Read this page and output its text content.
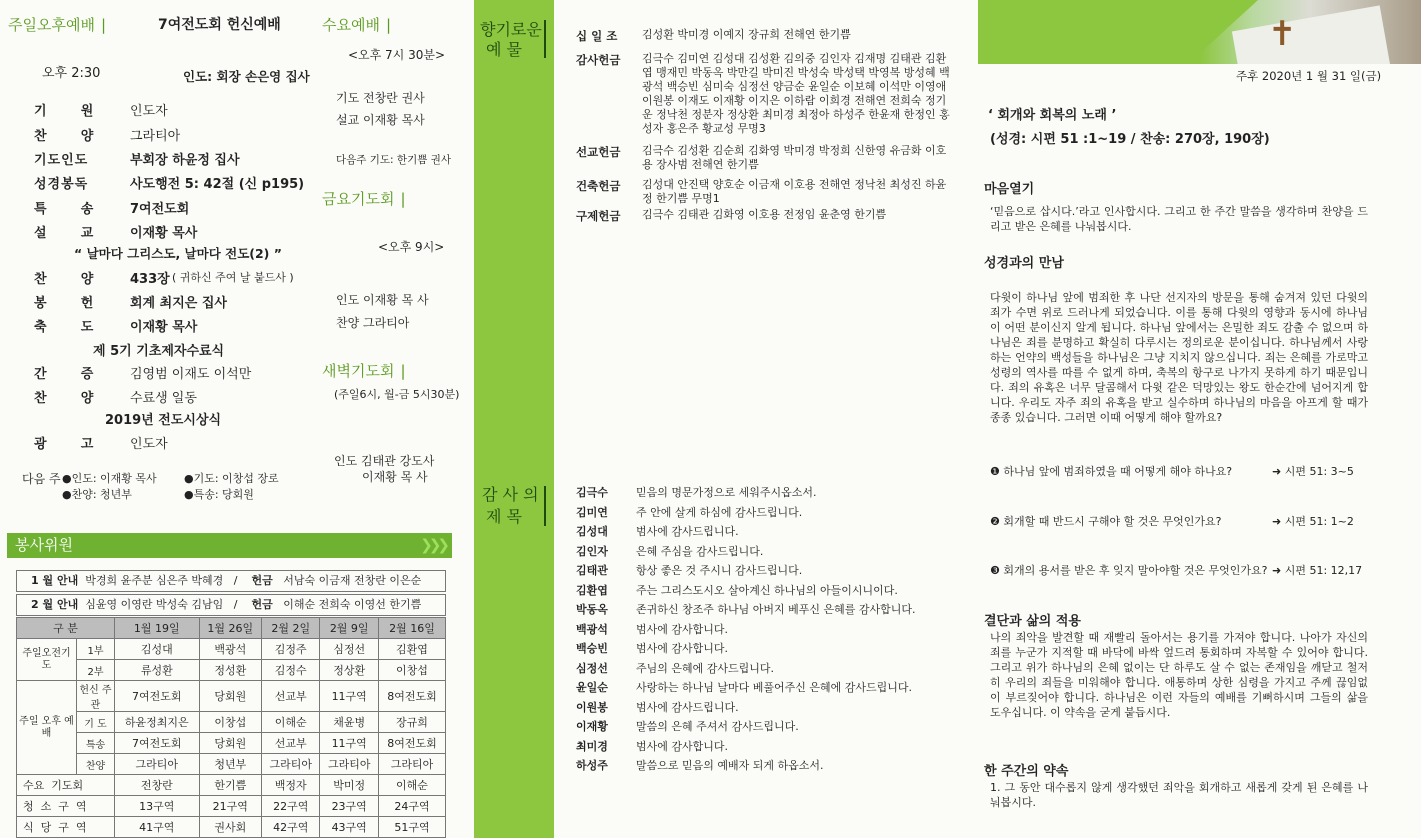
주일오후예배 |	7여전도회 헌신예배
오후 2:30	인도: 회장 손은영 집사
기      원	인도자
찬      양	그라티아
기도인도	부회장 하윤정 집사
성경봉독	사도행전 5: 42절 (신 p195)
특      송	7여전도회
설      교	이재황 목사
“ 날마다 그리스도, 날마다 전도(2) ”
찬      양	433장 ( 귀하신 주여 날 붙드사 )
봉      헌	회계 최지은 집사
축      도	이재황 목사
제 5기 기초제자수료식
간      증	김영범 이재도 이석만
찬      양	수료생 일동
2019년 전도시상식
광      고	인도자
다음 주 ●인도: 이재황 목사 ●기도: 이창섭 장로
●찬양: 청년부	●특송: 당회원
수요예배 |
<오후 7시 30분>
기도 전창란 권사
설교 이재황 목사
다음주 기도: 한기쁨 권사
금요기도회 |
<오후 9시>
인도 이재황 목 사
찬양 그라티아
새벽기도회 |
(주일6시, 월-금 5시30분)
인도 김태관 강도사
이재황 목 사
봉사위원	❯❯❯
1 월 안내 박경희 윤주분 심은주 박혜경 / 헌금 서남숙 이금재 전창란 이은순
2 월 안내 심윤영 이영란 박성숙 김남임 / 헌금 이해순 전희숙 이영선 한기쁨
구 분		1월 19일	1월 26일	2월 2일	2월 9일	2월 16일
주일오전기도	1부	김성대	백광석	김정주	심정선	김환엽
	2부	류성환	정성환	김정수	정상환	이창섭
주일 오후 예배	헌신 주관	7여전도회	당회원	선교부	11구역	8여전도회
	기 도	하윤정최지은	이창섭	이해순	채윤병	장규희
	특송	7여전도회	당회원	선교부	11구역	8여전도회
	찬양	그라티아	청년부	그라티아	그라티아	그라티아
수요  기도회		전창란	한기쁨	백정자	박미정	이해순
청  소  구  역		13구역	21구역	22구역	23구역	24구역
식  당  구  역		41구역	권사회	42구역	43구역	51구역
향기로운
예 물
감 사 의
제 목
십 일 조 김성환 박미경 이예지 장규희 전해연 한기쁨
감사헌금 김극수 김미연 김성대 김성환 김의중 김인자 김재명 김태관 김환엽 맹재민 박동옥 박만길 박미진 박성숙 박성택 박영복 방성혜 백광석 백승빈 심미숙 심정선 양금순 윤일순 이보혜 이석만 이영애 이원봉 이재도 이재황 이지은 이하람 이희경 전해연 전희숙 정기운 정낙천 정분자 정상환 최미경 최정아 하성주 한윤재 한정인 홍성자 홍은주 황교성 무명3
선교헌금 김극수 김성환 김순희 김화영 박미경 박정희 신한영 유금화 이호용 장사범 전해연 한기쁨
건축헌금 김성대 안진택 양호순 이금재 이호용 전해연 정낙천 최성진 하윤정 한기쁨 무명1
구제헌금 김극수 김태관 김화영 이호용 전정임 윤춘영 한기쁨
김극수	믿음의 명문가정으로 세워주시옵소서.
김미연	주 안에 살게 하심에 감사드립니다.
김성대	범사에 감사드립니다.
김인자	은혜 주심을 감사드립니다.
김태관	항상 좋은 것 주시니 감사드립니다.
김환엽	주는 그리스도시오 살아계신 하나님의 아들이시니이다.
박동옥	존귀하신 창조주 하나님 아버지 베푸신 은혜를 감사합니다.
백광석	범사에 감사합니다.
백승빈	범사에 감사합니다.
심정선	주님의 은혜에 감사드립니다.
윤일순	사랑하는 하나님 날마다 베풀어주신 은혜에 감사드립니다.
이원봉	범사에 감사드립니다.
이재황	말씀의 은혜 주셔서 감사드립니다.
최미경	범사에 감사합니다.
하성주	말씀으로 믿음의 예배자 되게 하옵소서.
✝
주후 2020년 1 월 31 일(금)
‘ 회개와 회복의 노래 ’
(성경: 시편 51 :1~19 / 찬송: 270장, 190장)
마음열기
‘믿음으로 삽시다.’라고 인사합시다. 그리고 한 주간 말씀을 생각하며 찬양을 드리고 받은 은혜를 나눠봅시다.
성경과의 만남
다윗이 하나님 앞에 범죄한 후 나단 선지자의 방문을 통해 숨겨져 있던 다윗의 죄가 수면 위로 드러나게 되었습니다. 이를 통해 다윗의 영향과 동시에 하나님이 어떤 분이신지 알게 됩니다. 하나님 앞에서는 은밀한 죄도 감출 수 없으며 하나님은 죄를 분명하고 확실히 다루시는 정의로운 분이십니다. 하나님께서 사랑하는 언약의 백성들을 하나님은 그냥 지치지 않으십니다. 죄는 은혜를 가로막고 성령의 역사를 따를 수 없게 하며, 축복의 항구로 나가지 못하게 하기 때문입니다. 죄의 유혹은 너무 달콤해서 다윗 같은 덕망있는 왕도 한순간에 넘어지게 합니다. 우리도 자주 죄의 유혹을 받고 실수하며 하나님의 마음을 아프게 할 때가 종종 있습니다. 그러면 이때 어떻게 해야 할까요?
❶ 하나님 앞에 범죄하였을 때 어떻게 해야 하나요?	➜ 시편 51: 3~5
❷ 회개할 때 반드시 구해야 할 것은 무엇인가요?	➜ 시편 51: 1~2
❸ 회개의 용서를 받은 후 잊지 말아야할 것은 무엇인가요? ➜ 시편 51: 12,17
결단과 삶의 적용
나의 죄악을 발견할 때 재빨리 돌아서는 용기를 가져야 합니다. 나아가 자신의 죄를 누군가 지적할 때 바닥에 바싹 엎드려 통회하며 자복할 수 있어야 합니다. 그리고 위가 하나님의 은혜 없이는 단 하루도 살 수 없는 존재임을 깨닫고 철저히 우리의 죄들을 미워해야 합니다. 애통하며 상한 심령을 가지고 주께 끊임없이 부르짖어야 합니다. 하나님은 이런 자들의 예배를 기뻐하시며 그들의 삶을 도우십니다. 이 약속을 굳게 붙듭시다.
한 주간의 약속
1. 그 동안 대수롭지 않게 생각했던 죄악을 회개하고 새롭게 갖게 된 은혜를 나눠봅시다.
